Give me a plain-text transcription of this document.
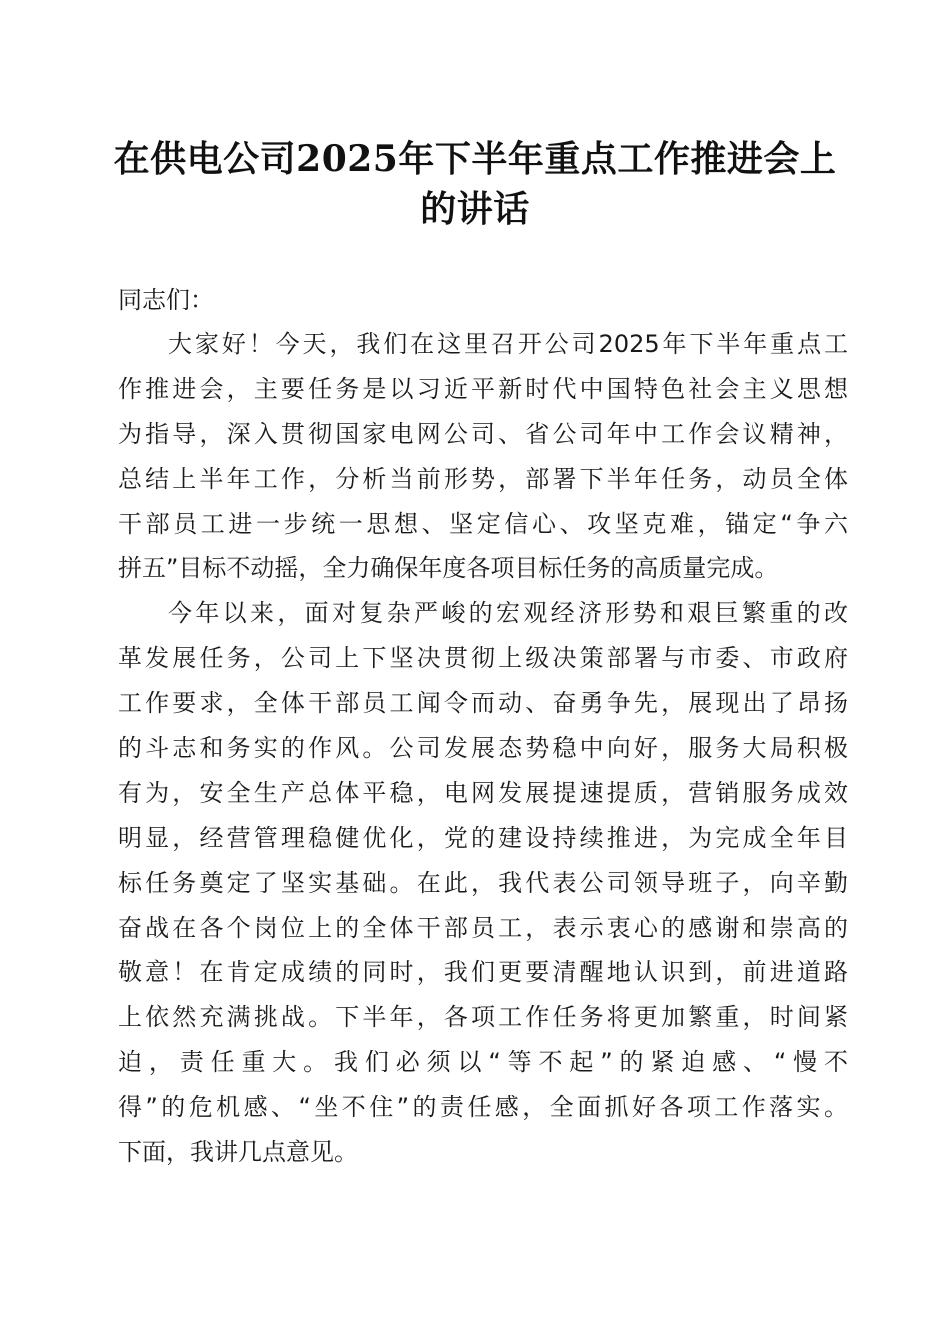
在供电公司2025年下半年重点工作推进会上
的讲话
同志们：
大家好！今天，我们在这里召开公司2025年下半年重点工
作推进会，主要任务是以习近平新时代中国特色社会主义思想
为指导，深入贯彻国家电网公司、省公司年中工作会议精神，
总结上半年工作，分析当前形势，部署下半年任务，动员全体
干部员工进一步统一思想、坚定信心、攻坚克难，锚定“争六
拼五”目标不动摇，全力确保年度各项目标任务的高质量完成。
今年以来，面对复杂严峻的宏观经济形势和艰巨繁重的改
革发展任务，公司上下坚决贯彻上级决策部署与市委、市政府
工作要求，全体干部员工闻令而动、奋勇争先，展现出了昂扬
的斗志和务实的作风。公司发展态势稳中向好，服务大局积极
有为，安全生产总体平稳，电网发展提速提质，营销服务成效
明显，经营管理稳健优化，党的建设持续推进，为完成全年目
标任务奠定了坚实基础。在此，我代表公司领导班子，向辛勤
奋战在各个岗位上的全体干部员工，表示衷心的感谢和崇高的
敬意！在肯定成绩的同时，我们更要清醒地认识到，前进道路
上依然充满挑战。下半年，各项工作任务将更加繁重，时间紧
迫，责任重大。我们必须以“等不起”的紧迫感、“慢不
得”的危机感、“坐不住”的责任感，全面抓好各项工作落实。
下面，我讲几点意见。
